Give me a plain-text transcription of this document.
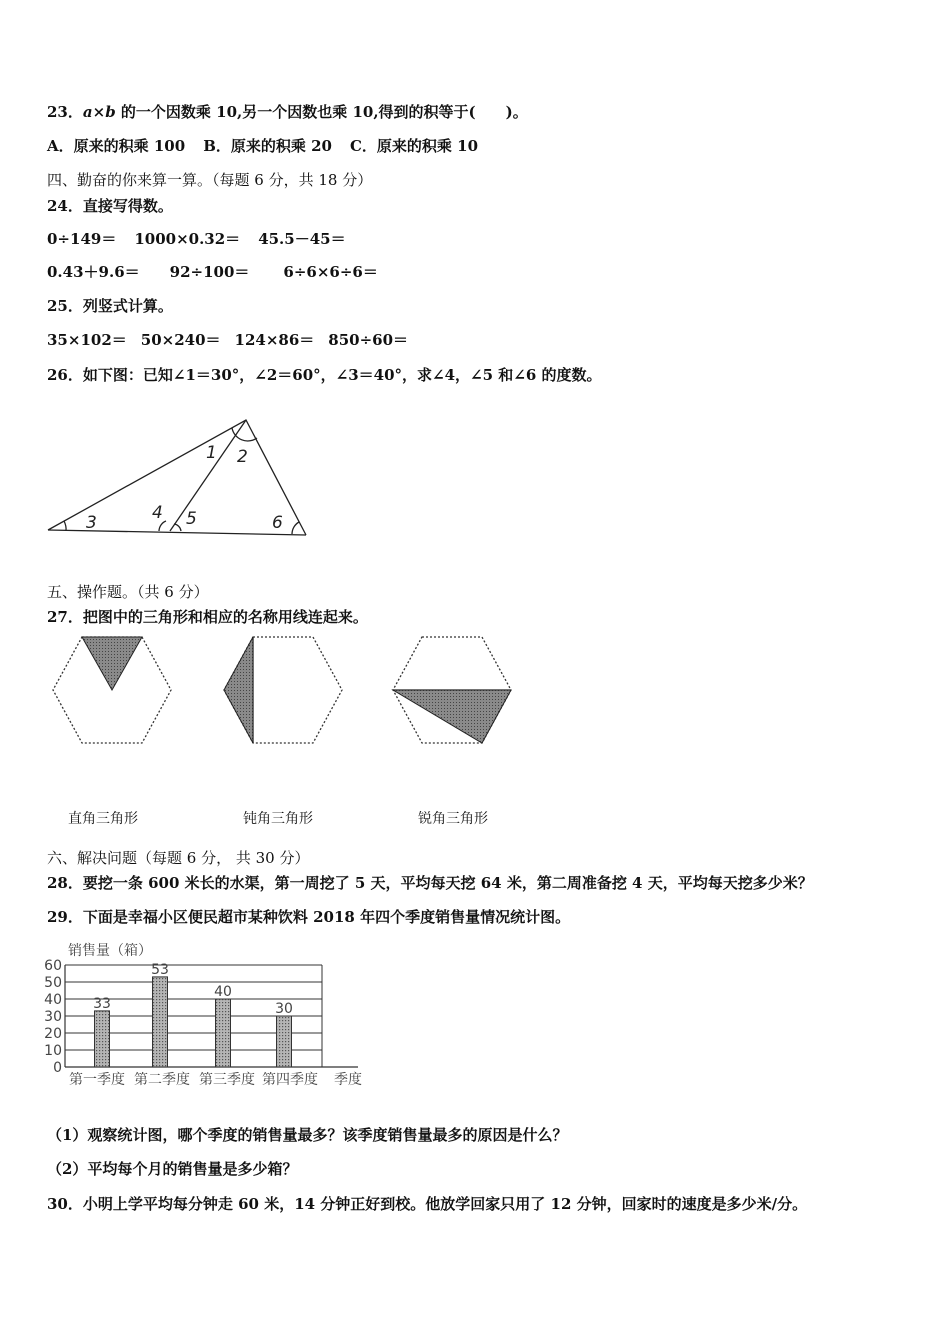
23．a×b 的一个因数乘 10,另一个因数也乘 10,得到的积等于(　　)。
A．原来的积乘 100 B．原来的积乘 20 C．原来的积乘 10
四、勤奋的你来算一算。（每题 6 分，共 18 分）
24．直接写得数。
0÷149＝ 1000×0.32＝ 45.5－45＝
0.43＋9.6＝ 92÷100＝ 6÷6×6÷6＝
25．列竖式计算。
35×102＝ 50×240＝ 124×86＝ 850÷60＝
26．如下图：已知∠1＝30°，∠2＝60°，∠3＝40°，求∠4，∠5 和∠6 的度数。
1 2
3	4 5	6
五、操作题。（共 6 分）
27．把图中的三角形和相应的名称用线连起来。
直角三角形	钝角三角形	锐角三角形
六、解决问题（每题 6 分， 共 30 分）
28．要挖一条 600 米长的水渠，第一周挖了 5 天，平均每天挖 64 米，第二周准备挖 4 天，平均每天挖多少米？
29．下面是幸福小区便民超市某种饮料 2018 年四个季度销售量情况统计图。
销售量（箱）
0
10
20
30
40
50
60
33
53
40
30
第一季度 第二季度 第三季度 第四季度 季度
（1）观察统计图，哪个季度的销售量最多？该季度销售量最多的原因是什么？
（2）平均每个月的销售量是多少箱？
30．小明上学平均每分钟走 60 米，14 分钟正好到校。他放学回家只用了 12 分钟，回家时的速度是多少米/分。
